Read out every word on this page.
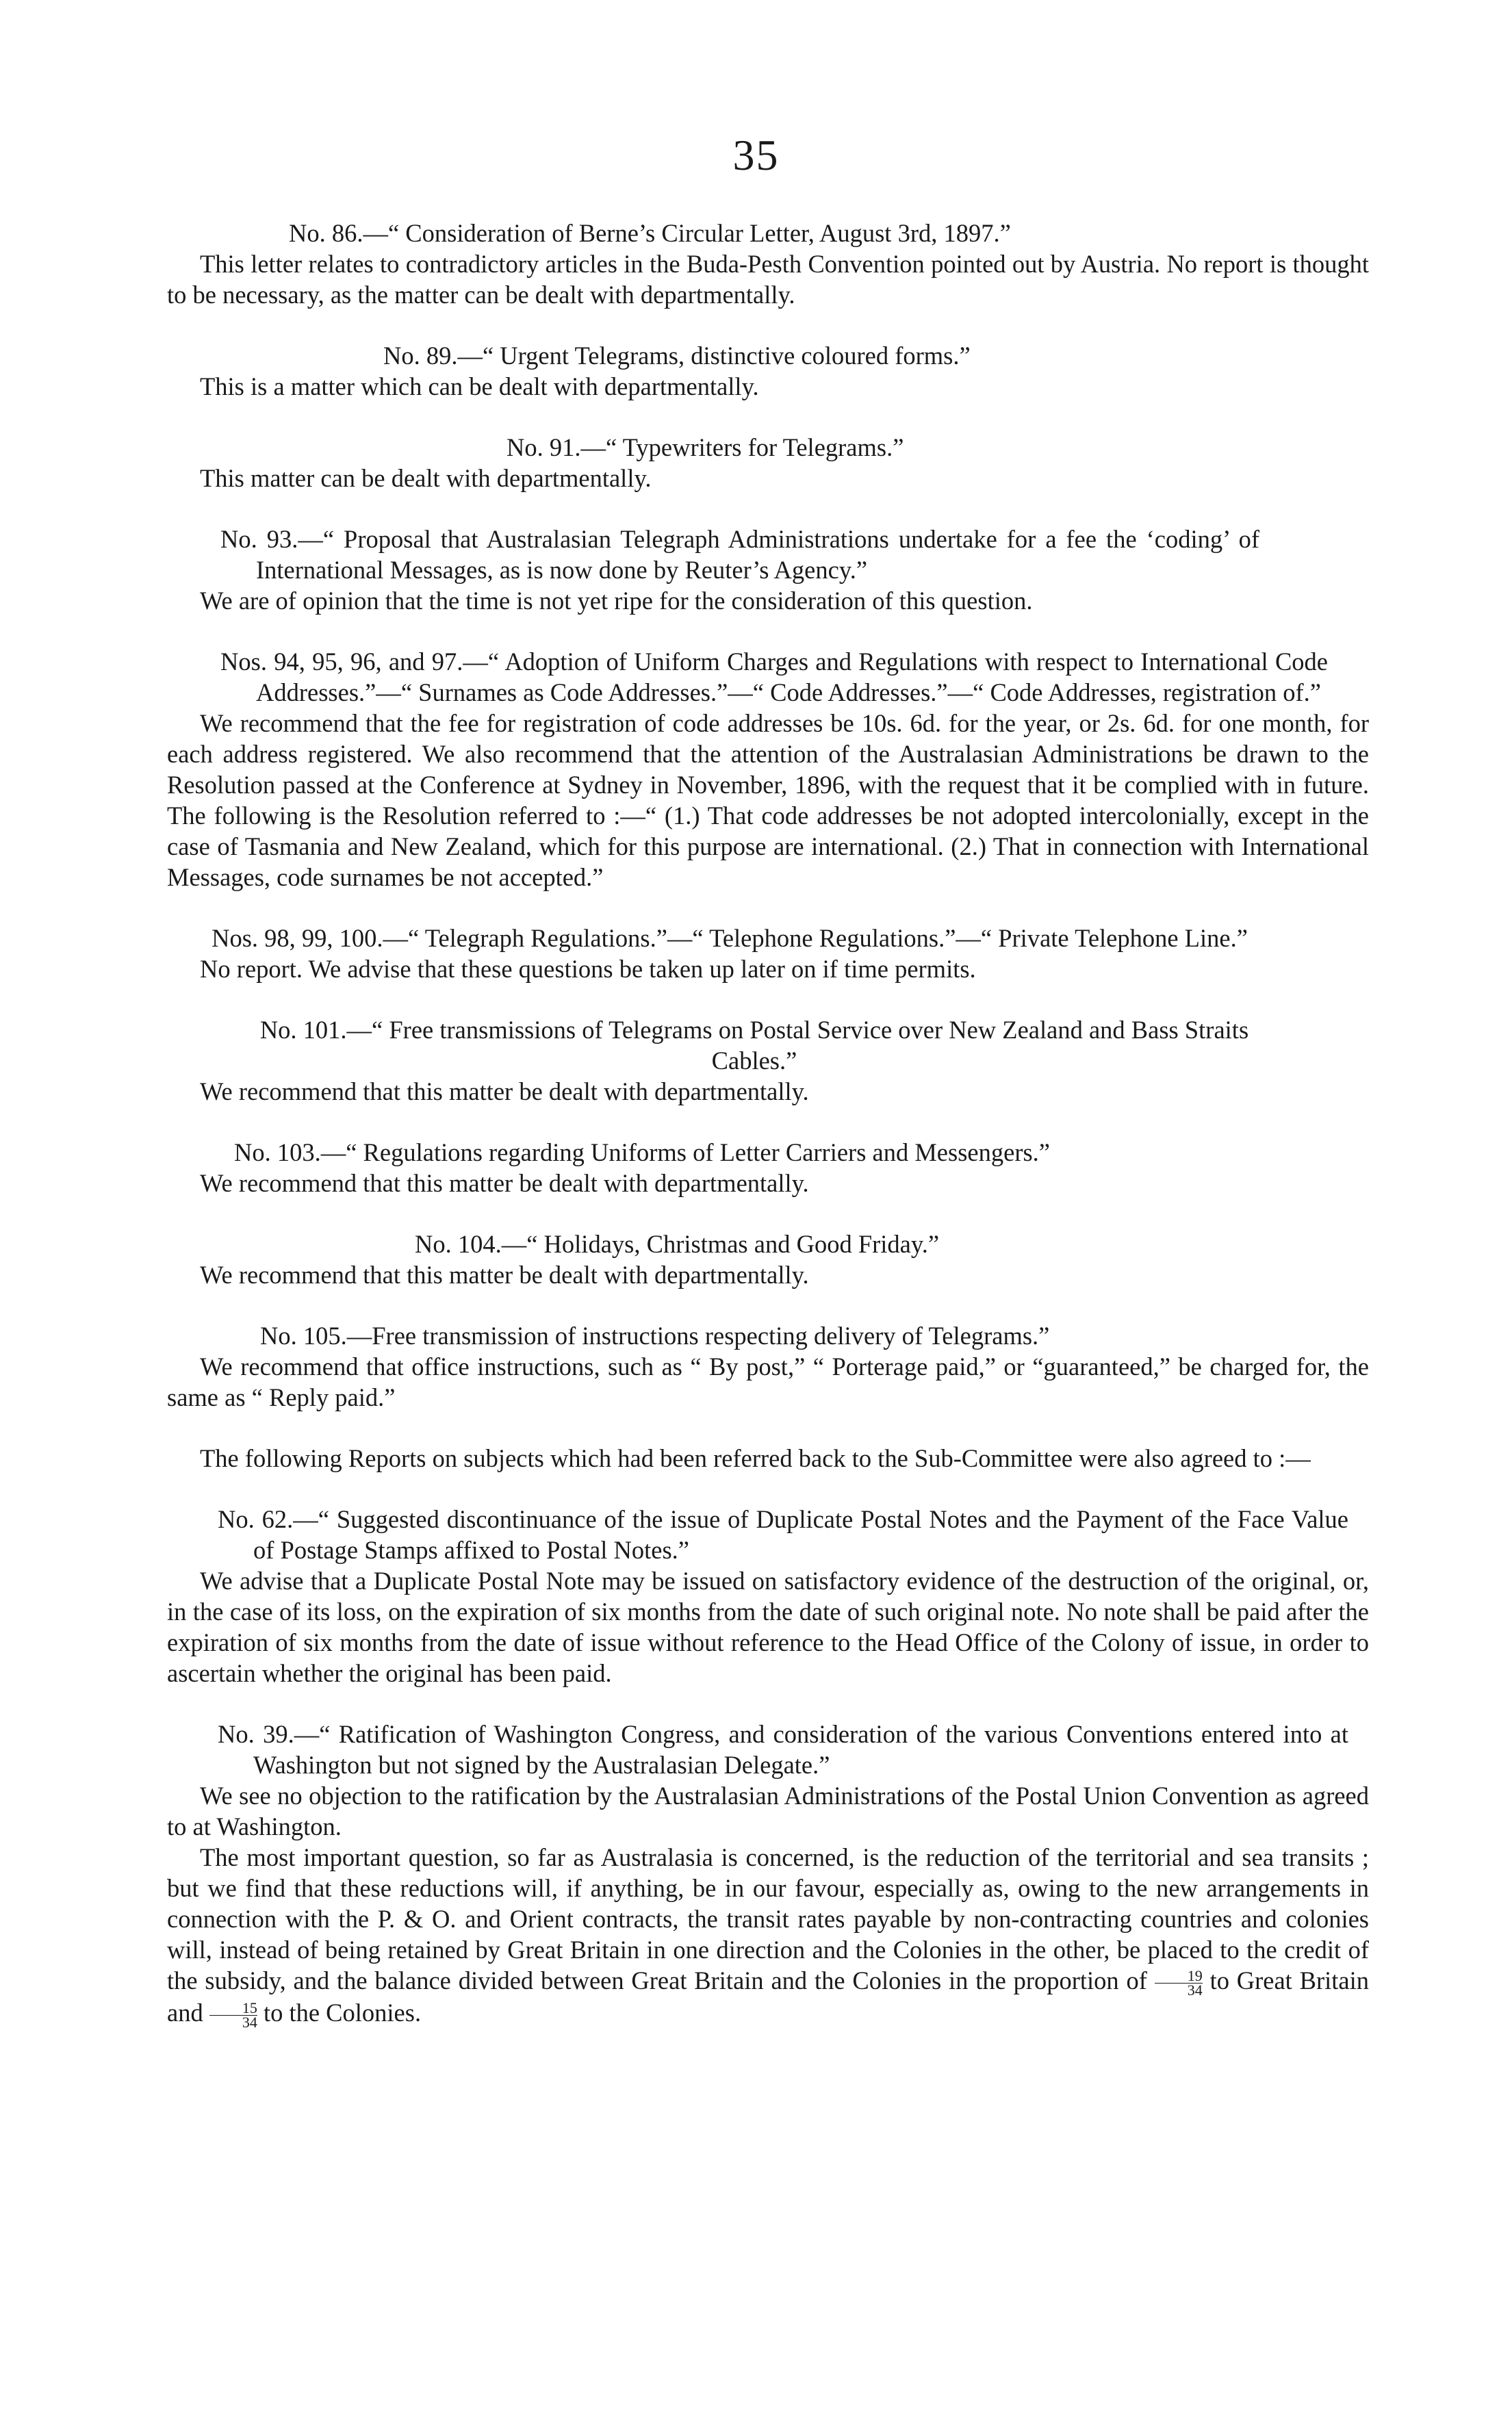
35

No. 86.—“ Consideration of Berne’s Circular Letter, August 3rd, 1897.”

This letter relates to contradictory articles in the Buda-Pesth Convention pointed out by Austria. No report is thought to be necessary, as the matter can be dealt with departmentally.

No. 89.—“ Urgent Telegrams, distinctive coloured forms.”

This is a matter which can be dealt with departmentally.

No. 91.—“ Typewriters for Telegrams.”

This matter can be dealt with departmentally.

No. 93.—“ Proposal that Australasian Telegraph Administrations undertake for a fee the ‘coding’ of International Messages, as is now done by Reuter’s Agency.”

We are of opinion that the time is not yet ripe for the consideration of this question.

Nos. 94, 95, 96, and 97.—“ Adoption of Uniform Charges and Regulations with respect to International Code Addresses.”—“ Surnames as Code Addresses.”—“ Code Addresses.”—“ Code Addresses, registration of.”

We recommend that the fee for registration of code addresses be 10s. 6d. for the year, or 2s. 6d. for one month, for each address registered. We also recommend that the attention of the Australasian Administrations be drawn to the Resolution passed at the Conference at Sydney in November, 1896, with the request that it be complied with in future. The following is the Resolution referred to :—“ (1.) That code addresses be not adopted intercolonially, except in the case of Tasmania and New Zealand, which for this purpose are international. (2.) That in connection with International Messages, code surnames be not accepted.”

Nos. 98, 99, 100.—“ Telegraph Regulations.”—“ Telephone Regulations.”—“ Private Telephone Line.”

No report. We advise that these questions be taken up later on if time permits.

No. 101.—“ Free transmissions of Telegrams on Postal Service over New Zealand and Bass Straits Cables.”

We recommend that this matter be dealt with departmentally.

No. 103.—“ Regulations regarding Uniforms of Letter Carriers and Messengers.”

We recommend that this matter be dealt with departmentally.

No. 104.—“ Holidays, Christmas and Good Friday.”

We recommend that this matter be dealt with departmentally.

No. 105.—Free transmission of instructions respecting delivery of Telegrams.”

We recommend that office instructions, such as “ By post,” “ Porterage paid,” or “guaranteed,” be charged for, the same as “ Reply paid.”

The following Reports on subjects which had been referred back to the Sub-Committee were also agreed to :—

No. 62.—“ Suggested discontinuance of the issue of Duplicate Postal Notes and the Payment of the Face Value of Postage Stamps affixed to Postal Notes.”

We advise that a Duplicate Postal Note may be issued on satisfactory evidence of the destruction of the original, or, in the case of its loss, on the expiration of six months from the date of such original note. No note shall be paid after the expiration of six months from the date of issue without reference to the Head Office of the Colony of issue, in order to ascertain whether the original has been paid.

No. 39.—“ Ratification of Washington Congress, and consideration of the various Conventions entered into at Washington but not signed by the Australasian Delegate.”

We see no objection to the ratification by the Australasian Administrations of the Postal Union Convention as agreed to at Washington.

The most important question, so far as Australasia is concerned, is the reduction of the territorial and sea transits ; but we find that these reductions will, if anything, be in our favour, especially as, owing to the new arrangements in connection with the P. & O. and Orient contracts, the transit rates payable by non-contracting countries and colonies will, instead of being retained by Great Britain in one direction and the Colonies in the other, be placed to the credit of the subsidy, and the balance divided between Great Britain and the Colonies in the proportion of $\frac{19}{34}$ to Great Britain and $\frac{15}{34}$ to the Colonies.
